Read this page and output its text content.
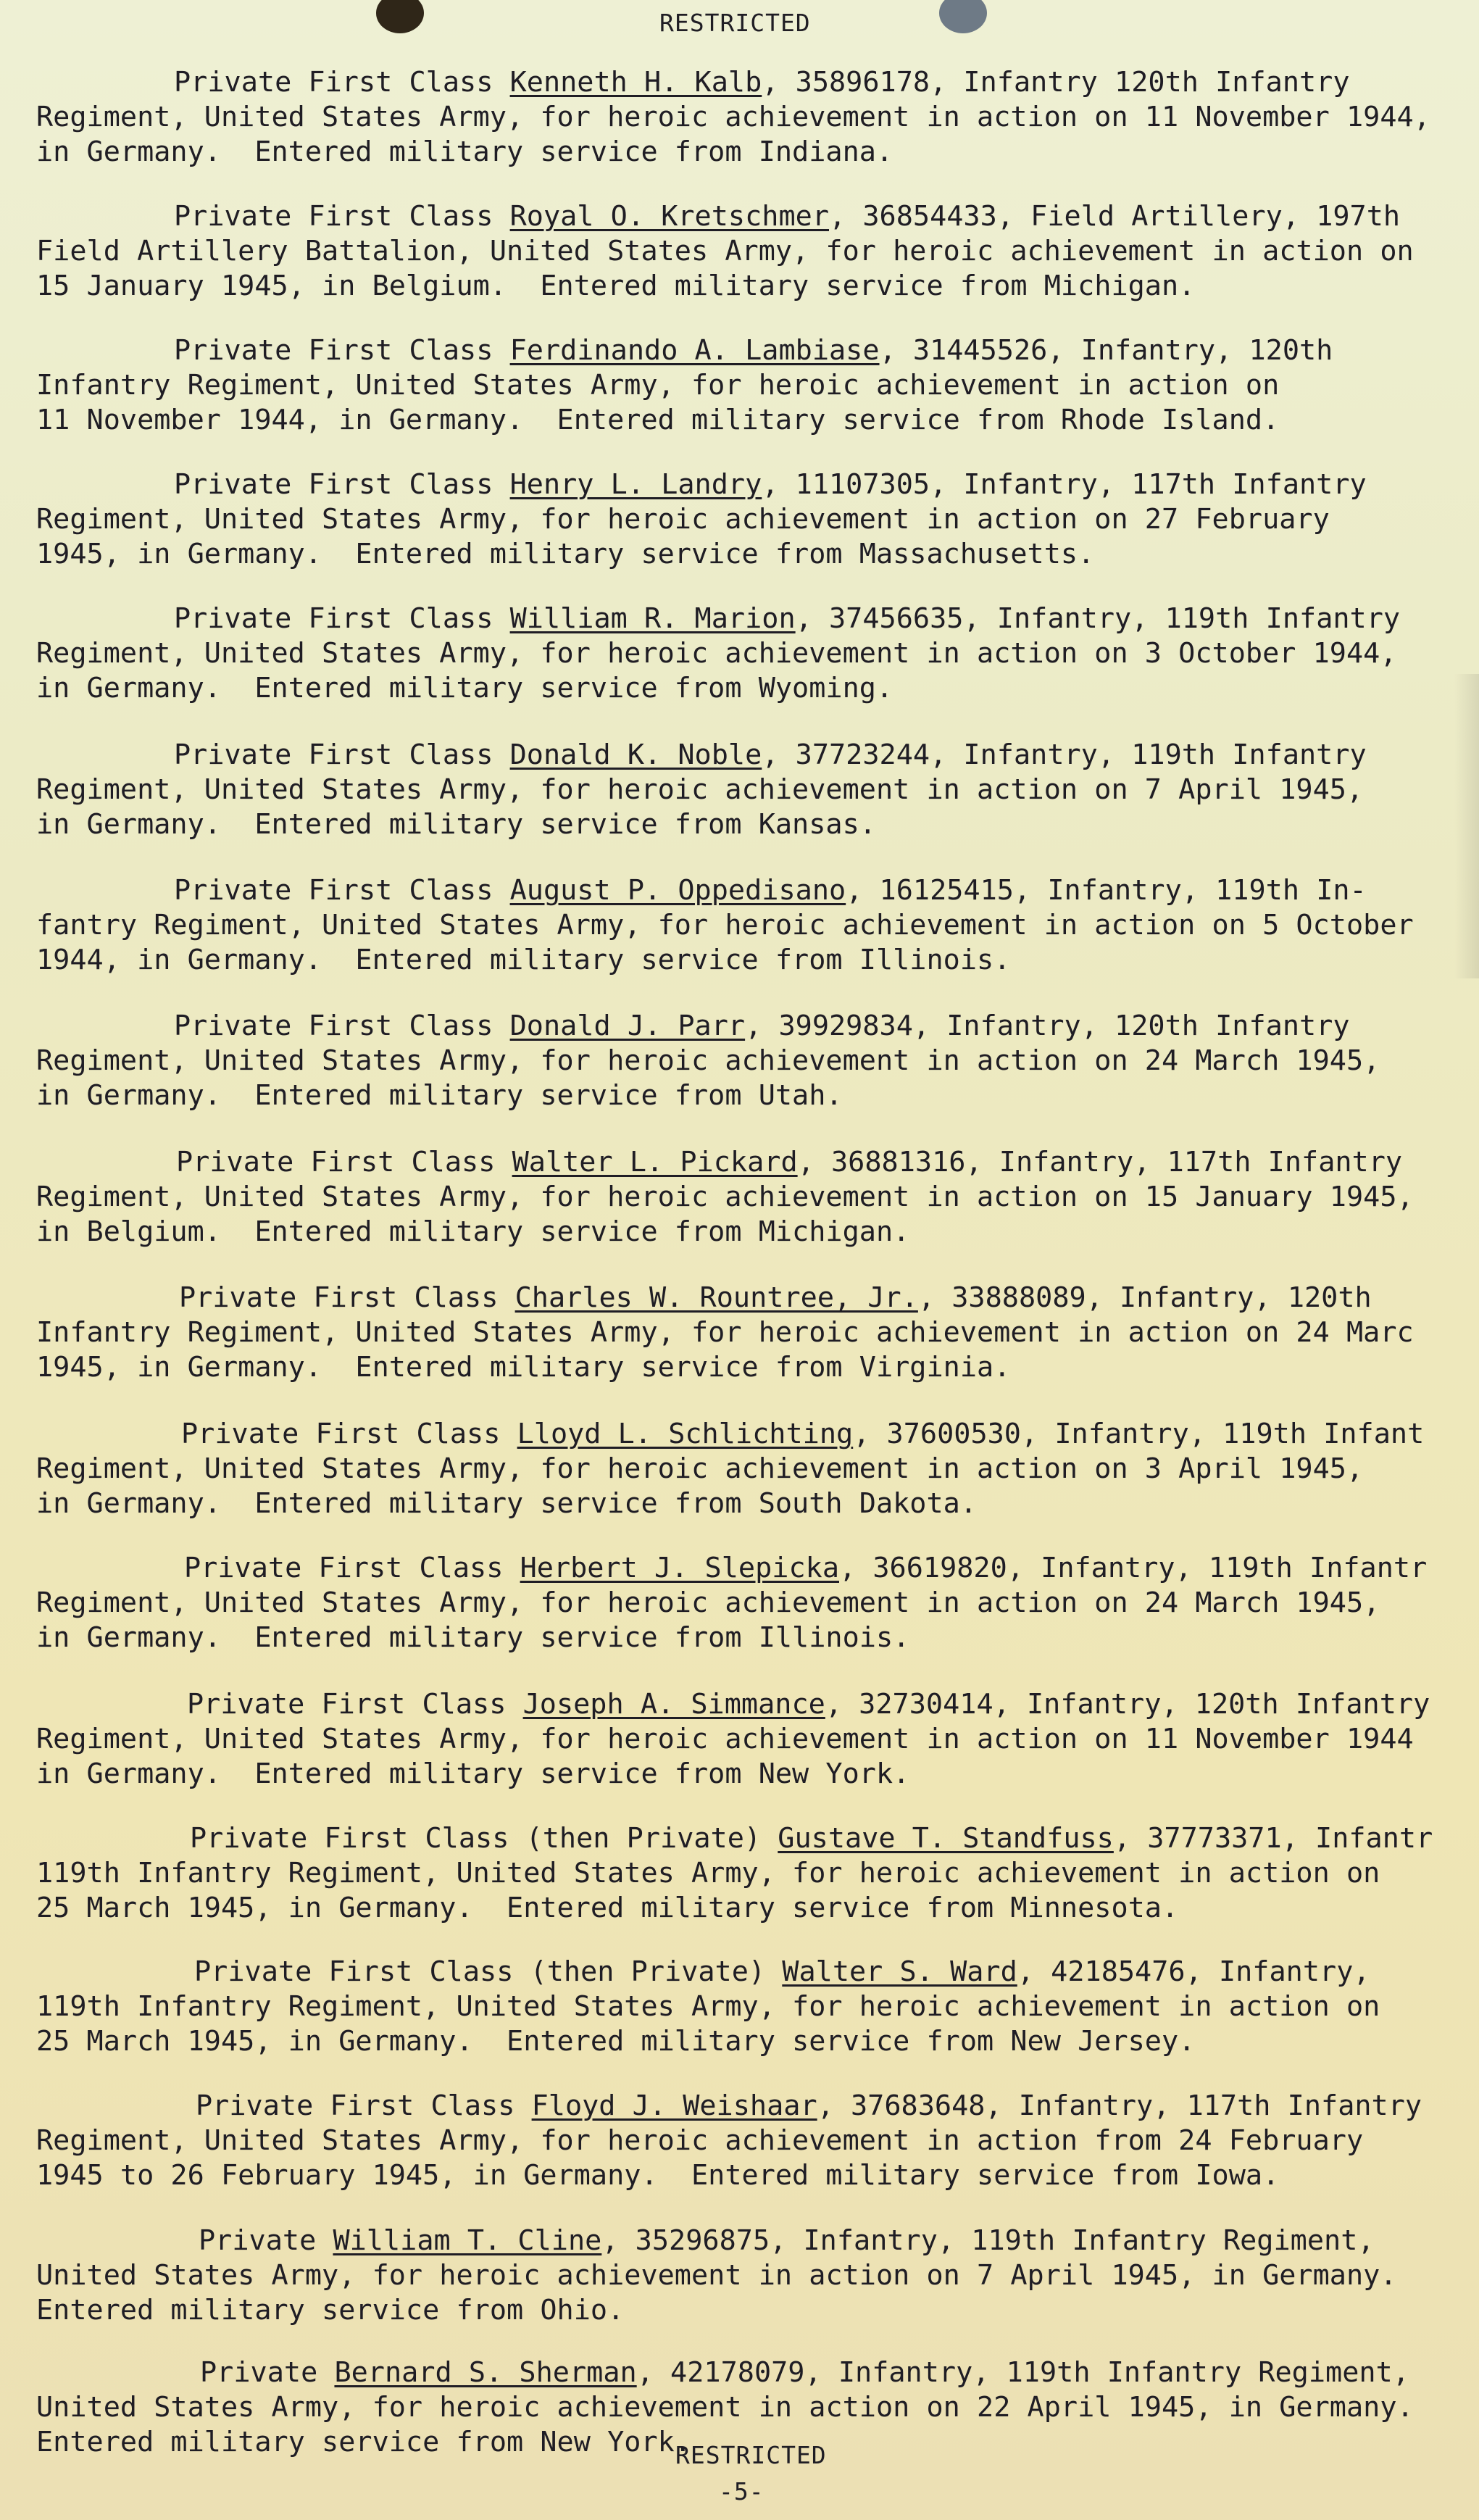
RESTRICTED
Private First Class Kenneth H. Kalb, 35896178, Infantry 120th Infantry
Regiment, United States Army, for heroic achievement in action on 11 November 1944,
in Germany.  Entered military service from Indiana.
Private First Class Royal O. Kretschmer, 36854433, Field Artillery, 197th
Field Artillery Battalion, United States Army, for heroic achievement in action on
15 January 1945, in Belgium.  Entered military service from Michigan.
Private First Class Ferdinando A. Lambiase, 31445526, Infantry, 120th
Infantry Regiment, United States Army, for heroic achievement in action on
11 November 1944, in Germany.  Entered military service from Rhode Island.
Private First Class Henry L. Landry, 11107305, Infantry, 117th Infantry
Regiment, United States Army, for heroic achievement in action on 27 February
1945, in Germany.  Entered military service from Massachusetts.
Private First Class William R. Marion, 37456635, Infantry, 119th Infantry
Regiment, United States Army, for heroic achievement in action on 3 October 1944,
in Germany.  Entered military service from Wyoming.
Private First Class Donald K. Noble, 37723244, Infantry, 119th Infantry
Regiment, United States Army, for heroic achievement in action on 7 April 1945,
in Germany.  Entered military service from Kansas.
Private First Class August P. Oppedisano, 16125415, Infantry, 119th In-
fantry Regiment, United States Army, for heroic achievement in action on 5 October
1944, in Germany.  Entered military service from Illinois.
Private First Class Donald J. Parr, 39929834, Infantry, 120th Infantry
Regiment, United States Army, for heroic achievement in action on 24 March 1945,
in Germany.  Entered military service from Utah.
Private First Class Walter L. Pickard, 36881316, Infantry, 117th Infantry
Regiment, United States Army, for heroic achievement in action on 15 January 1945,
in Belgium.  Entered military service from Michigan.
Private First Class Charles W. Rountree, Jr., 33888089, Infantry, 120th
Infantry Regiment, United States Army, for heroic achievement in action on 24 Marc
1945, in Germany.  Entered military service from Virginia.
Private First Class Lloyd L. Schlichting, 37600530, Infantry, 119th Infant
Regiment, United States Army, for heroic achievement in action on 3 April 1945,
in Germany.  Entered military service from South Dakota.
Private First Class Herbert J. Slepicka, 36619820, Infantry, 119th Infantr
Regiment, United States Army, for heroic achievement in action on 24 March 1945,
in Germany.  Entered military service from Illinois.
Private First Class Joseph A. Simmance, 32730414, Infantry, 120th Infantry
Regiment, United States Army, for heroic achievement in action on 11 November 1944
in Germany.  Entered military service from New York.
Private First Class (then Private) Gustave T. Standfuss, 37773371, Infantr
119th Infantry Regiment, United States Army, for heroic achievement in action on
25 March 1945, in Germany.  Entered military service from Minnesota.
Private First Class (then Private) Walter S. Ward, 42185476, Infantry,
119th Infantry Regiment, United States Army, for heroic achievement in action on
25 March 1945, in Germany.  Entered military service from New Jersey.
Private First Class Floyd J. Weishaar, 37683648, Infantry, 117th Infantry
Regiment, United States Army, for heroic achievement in action from 24 February
1945 to 26 February 1945, in Germany.  Entered military service from Iowa.
Private William T. Cline, 35296875, Infantry, 119th Infantry Regiment,
United States Army, for heroic achievement in action on 7 April 1945, in Germany.
Entered military service from Ohio.
Private Bernard S. Sherman, 42178079, Infantry, 119th Infantry Regiment,
United States Army, for heroic achievement in action on 22 April 1945, in Germany.
Entered military service from New York.
RESTRICTED
-5-
